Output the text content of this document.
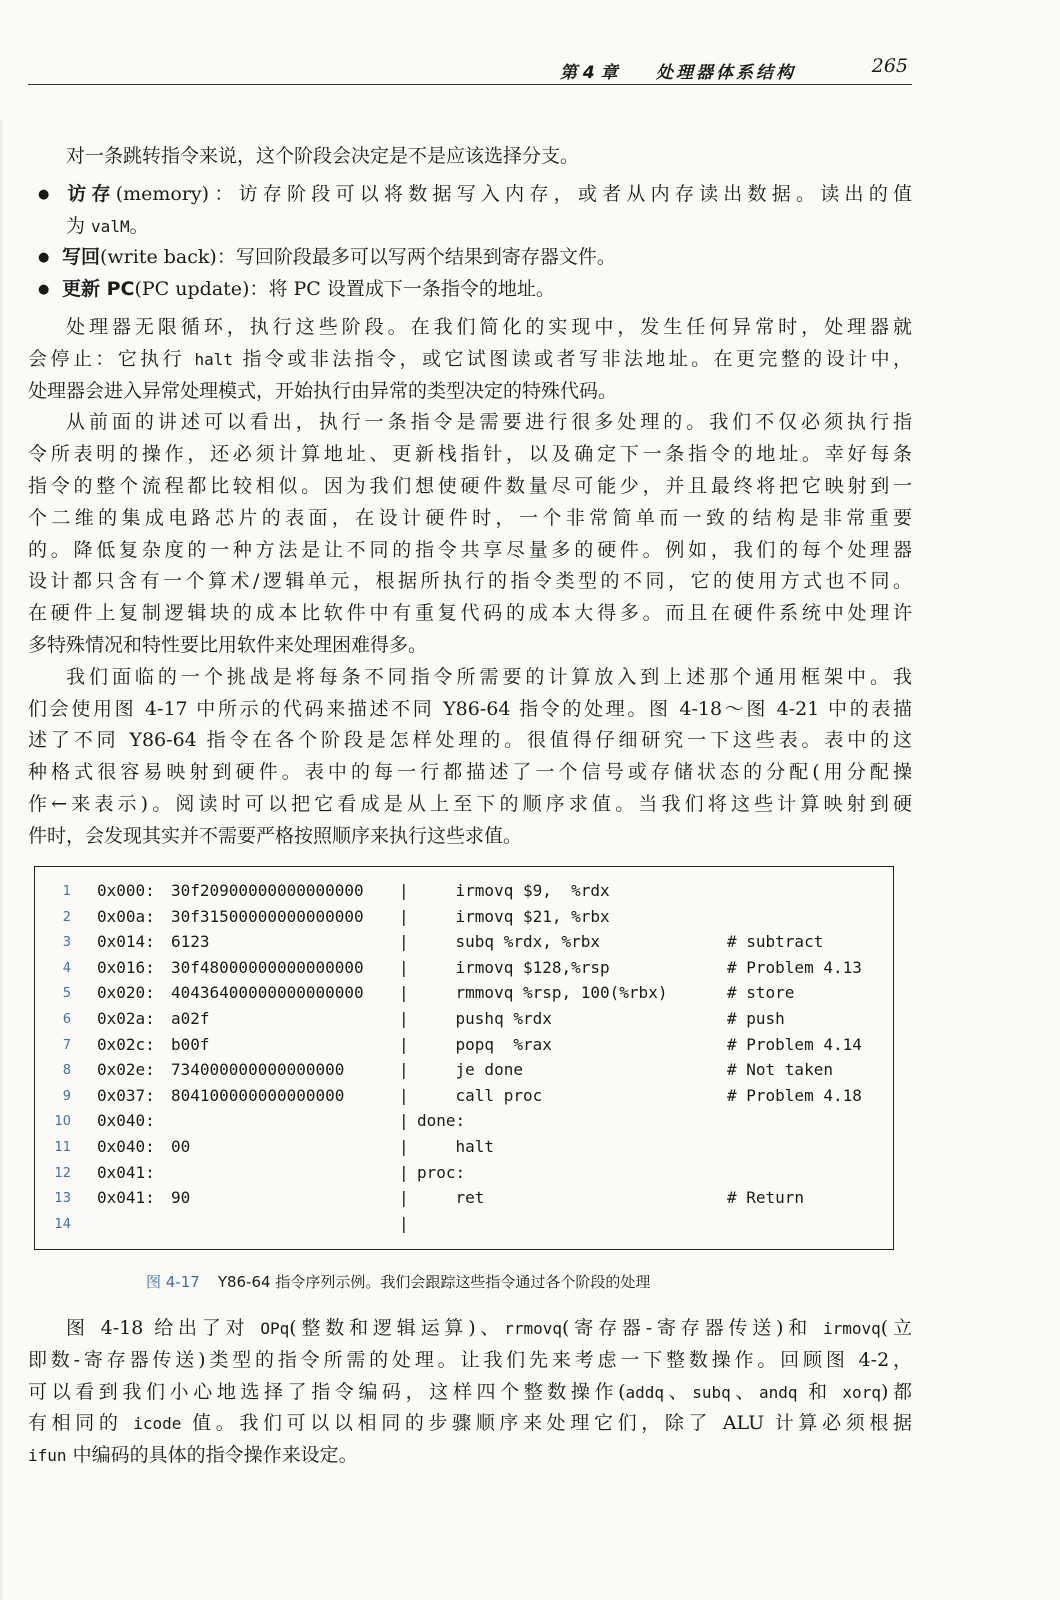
第 4 章 处理器体系结构	265
对一条跳转指令来说，这个阶段会决定是不是应该选择分支。
● 访存(memory)：访存阶段可以将数据写入内存，或者从内存读出数据。读出的值
为 valM。
● 写回(write back)：写回阶段最多可以写两个结果到寄存器文件。
● 更新 PC(PC update)：将 PC 设置成下一条指令的地址。
处理器无限循环，执行这些阶段。在我们简化的实现中，发生任何异常时，处理器就
会停止：它执行 halt 指令或非法指令，或它试图读或者写非法地址。在更完整的设计中，
处理器会进入异常处理模式，开始执行由异常的类型决定的特殊代码。
从前面的讲述可以看出，执行一条指令是需要进行很多处理的。我们不仅必须执行指
令所表明的操作，还必须计算地址、更新栈指针，以及确定下一条指令的地址。幸好每条
指令的整个流程都比较相似。因为我们想使硬件数量尽可能少，并且最终将把它映射到一
个二维的集成电路芯片的表面，在设计硬件时，一个非常简单而一致的结构是非常重要
的。降低复杂度的一种方法是让不同的指令共享尽量多的硬件。例如，我们的每个处理器
设计都只含有一个算术/逻辑单元，根据所执行的指令类型的不同，它的使用方式也不同。
在硬件上复制逻辑块的成本比软件中有重复代码的成本大得多。而且在硬件系统中处理许
多特殊情况和特性要比用软件来处理困难得多。
我们面临的一个挑战是将每条不同指令所需要的计算放入到上述那个通用框架中。我
们会使用图 4-17 中所示的代码来描述不同 Y86-64 指令的处理。图 4-18～图 4-21 中的表描
述了不同 Y86-64 指令在各个阶段是怎样处理的。很值得仔细研究一下这些表。表中的这
种格式很容易映射到硬件。表中的每一行都描述了一个信号或存储状态的分配(用分配操
作←来表示)。阅读时可以把它看成是从上至下的顺序求值。当我们将这些计算映射到硬
件时，会发现其实并不需要严格按照顺序来执行这些求值。
1 0x000: 30f20900000000000000 | irmovq $9,  %rdx
2 0x00a: 30f31500000000000000 | irmovq $21, %rbx
3 0x014: 6123	| subq %rdx, %rbx	# subtract
4 0x016: 30f48000000000000000 | irmovq $128,%rsp	# Problem 4.13
5 0x020: 40436400000000000000 | rmmovq %rsp, 100(%rbx)	# store
6 0x02a: a02f	| pushq %rdx	# push
7 0x02c: b00f	| popq  %rax	# Problem 4.14
8 0x02e: 734000000000000000	| je done	# Not taken
9 0x037: 804100000000000000	| call proc	# Problem 4.18
10 0x040:	| done:
11 0x040: 00	| halt
12 0x041:	| proc:
13 0x041: 90	| ret	# Return
14	|
图 4-17 Y86-64 指令序列示例。我们会跟踪这些指令通过各个阶段的处理
图 4-18 给出了对 OPq(整数和逻辑运算)、rrmovq(寄存器-寄存器传送)和 irmovq(立
即数-寄存器传送)类型的指令所需的处理。让我们先来考虑一下整数操作。回顾图 4-2，
可以看到我们小心地选择了指令编码，这样四个整数操作(addq、subq、andq 和 xorq)都
有相同的 icode 值。我们可以以相同的步骤顺序来处理它们，除了 ALU 计算必须根据
ifun 中编码的具体的指令操作来设定。
